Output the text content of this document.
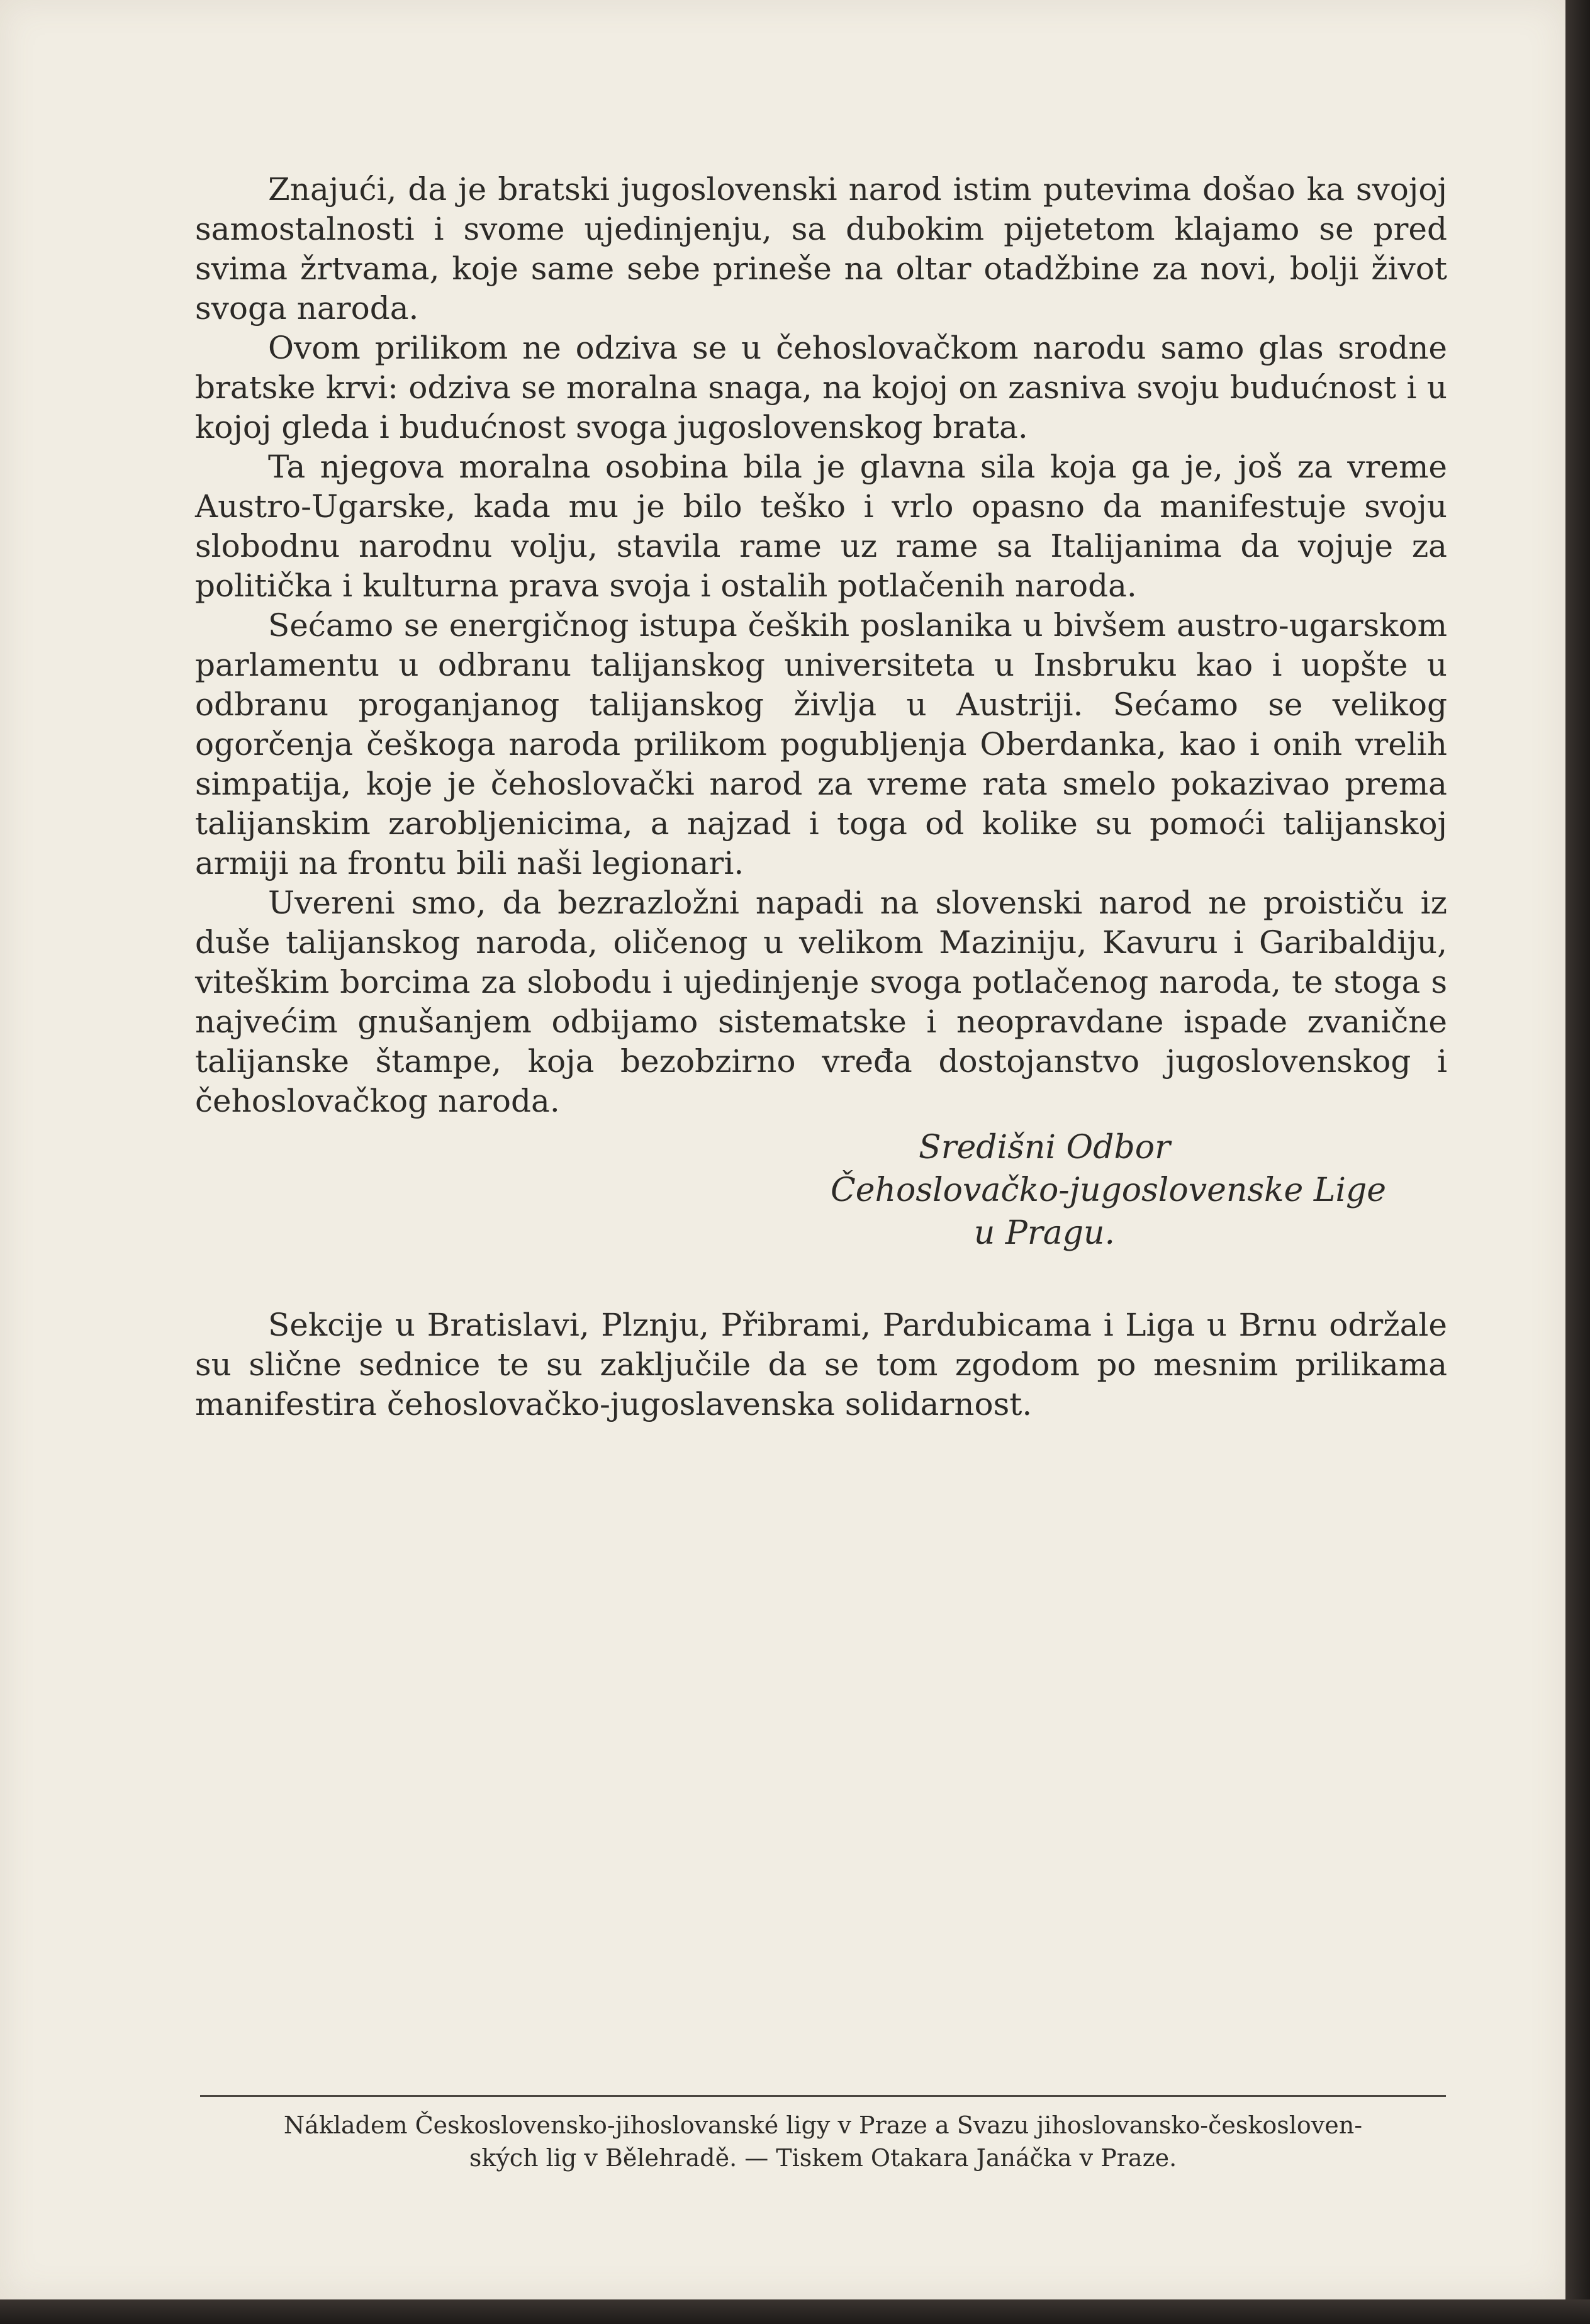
Znajući, da je bratski jugoslovenski narod istim putevima došao ka svojoj samostalnosti i svome ujedinjenju, sa dubokim pijetetom klajamo se pred svima žrtvama, koje same sebe prineše na oltar otadžbine za novi, bolji život svoga naroda.

Ovom prilikom ne odziva se u čehoslovačkom narodu samo glas srodne bratske krvi: odziva se moralna snaga, na kojoj on zasniva svoju budućnost i u kojoj gleda i budućnost svoga jugoslovenskog brata.

Ta njegova moralna osobina bila je glavna sila koja ga je, još za vreme Austro-Ugarske, kada mu je bilo teško i vrlo opasno da manifestuje svoju slobodnu narodnu volju, stavila rame uz rame sa Italijanima da vojuje za politička i kulturna prava svoja i ostalih potlačenih naroda.

Sećamo se energičnog istupa čeških poslanika u bivšem austro-ugarskom parlamentu u odbranu talijanskog universiteta u Insbruku kao i uopšte u odbranu proganjanog talijanskog življa u Austriji. Sećamo se velikog ogorčenja češkoga naroda prilikom pogubljenja Oberdanka, kao i onih vrelih simpatija, koje je čehoslovački narod za vreme rata smelo pokazivao prema talijanskim zarobljenicima, a najzad i toga od kolike su pomoći talijanskoj armiji na frontu bili naši legionari.

Uvereni smo, da bezrazložni napadi na slovenski narod ne proističu iz duše talijanskog naroda, oličenog u velikom Maziniju, Kavuru i Garibaldiju, viteškim borcima za slobodu i ujedinjenje svoga potlačenog naroda, te stoga s najvećim gnušanjem odbijamo sistematske i neopravdane ispade zvanične talijanske štampe, koja bezobzirno vređa dostojanstvo jugoslovenskog i čehoslovačkog naroda.

Središni Odbor
Čehoslovačko-jugoslovenske Lige
u Pragu.

Sekcije u Bratislavi, Plznju, Přibrami, Pardubicama i Liga u Brnu održale su slične sednice te su zaključile da se tom zgodom po mesnim prilikama manifestira čehoslovačko-jugoslavenska solidarnost.

Nákladem Československo-jihoslovanské ligy v Praze a Svazu jihoslovansko-českosloven-
ských lig v Bělehradě. — Tiskem Otakara Janáčka v Praze.
